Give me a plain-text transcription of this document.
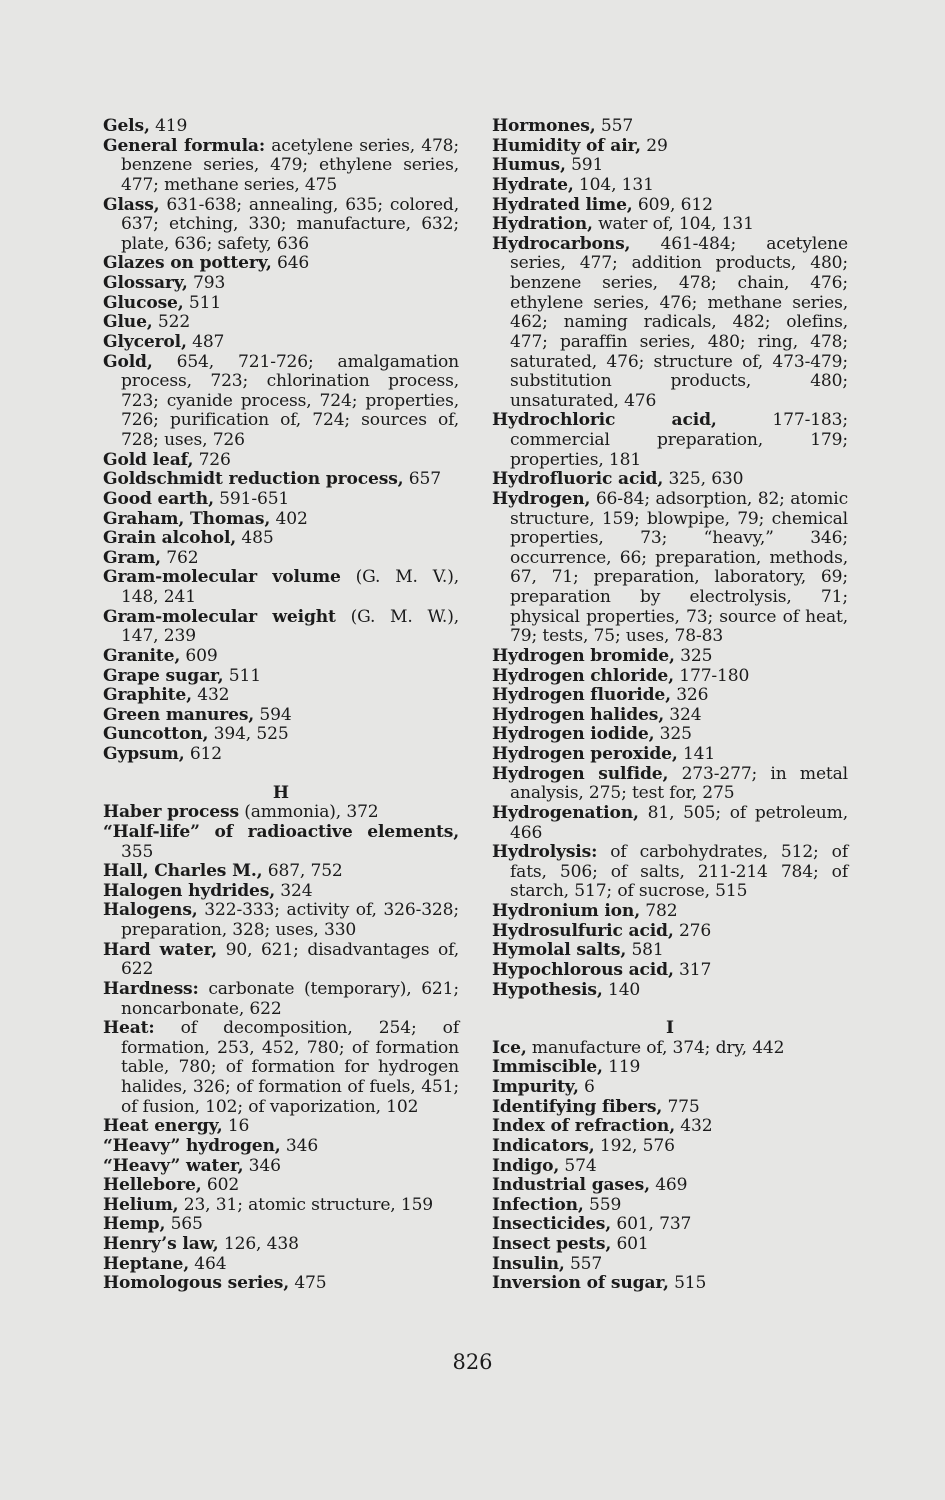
Gels, 419
General formula: acetylene series, 478; benzene series, 479; ethylene series, 477; methane series, 475
Glass, 631-638; annealing, 635; colored, 637; etching, 330; manufacture, 632; plate, 636; safety, 636
Glazes on pottery, 646
Glossary, 793
Glucose, 511
Glue, 522
Glycerol, 487
Gold, 654, 721-726; amalgamation process, 723; chlorination process, 723; cyanide process, 724; properties, 726; purification of, 724; sources of, 728; uses, 726
Gold leaf, 726
Goldschmidt reduction process, 657
Good earth, 591-651
Graham, Thomas, 402
Grain alcohol, 485
Gram, 762
Gram-molecular volume (G. M. V.), 148, 241
Gram-molecular weight (G. M. W.), 147, 239
Granite, 609
Grape sugar, 511
Graphite, 432
Green manures, 594
Guncotton, 394, 525
Gypsum, 612
H
Haber process (ammonia), 372
“Half-life” of radioactive elements, 355
Hall, Charles M., 687, 752
Halogen hydrides, 324
Halogens, 322-333; activity of, 326-328; preparation, 328; uses, 330
Hard water, 90, 621; disadvantages of, 622
Hardness: carbonate (temporary), 621; noncarbonate, 622
Heat: of decomposition, 254; of formation, 253, 452, 780; of formation table, 780; of formation for hydrogen halides, 326; of formation of fuels, 451; of fusion, 102; of vaporization, 102
Heat energy, 16
“Heavy” hydrogen, 346
“Heavy” water, 346
Hellebore, 602
Helium, 23, 31; atomic structure, 159
Hemp, 565
Henry’s law, 126, 438
Heptane, 464
Homologous series, 475
Hormones, 557
Humidity of air, 29
Humus, 591
Hydrate, 104, 131
Hydrated lime, 609, 612
Hydration, water of, 104, 131
Hydrocarbons, 461-484; acetylene series, 477; addition products, 480; benzene series, 478; chain, 476; ethylene series, 476; methane series, 462; naming radicals, 482; olefins, 477; paraffin series, 480; ring, 478; saturated, 476; structure of, 473-479; substitution products, 480; unsaturated, 476
Hydrochloric acid, 177-183; commercial preparation, 179; properties, 181
Hydrofluoric acid, 325, 630
Hydrogen, 66-84; adsorption, 82; atomic structure, 159; blowpipe, 79; chemical properties, 73; “heavy,” 346; occurrence, 66; preparation, methods, 67, 71; preparation, laboratory, 69; preparation by electrolysis, 71; physical properties, 73; source of heat, 79; tests, 75; uses, 78-83
Hydrogen bromide, 325
Hydrogen chloride, 177-180
Hydrogen fluoride, 326
Hydrogen halides, 324
Hydrogen iodide, 325
Hydrogen peroxide, 141
Hydrogen sulfide, 273-277; in metal analysis, 275; test for, 275
Hydrogenation, 81, 505; of petroleum, 466
Hydrolysis: of carbohydrates, 512; of fats, 506; of salts, 211-214 784; of starch, 517; of sucrose, 515
Hydronium ion, 782
Hydrosulfuric acid, 276
Hymolal salts, 581
Hypochlorous acid, 317
Hypothesis, 140
I
Ice, manufacture of, 374; dry, 442
Immiscible, 119
Impurity, 6
Identifying fibers, 775
Index of refraction, 432
Indicators, 192, 576
Indigo, 574
Industrial gases, 469
Infection, 559
Insecticides, 601, 737
Insect pests, 601
Insulin, 557
Inversion of sugar, 515
826
